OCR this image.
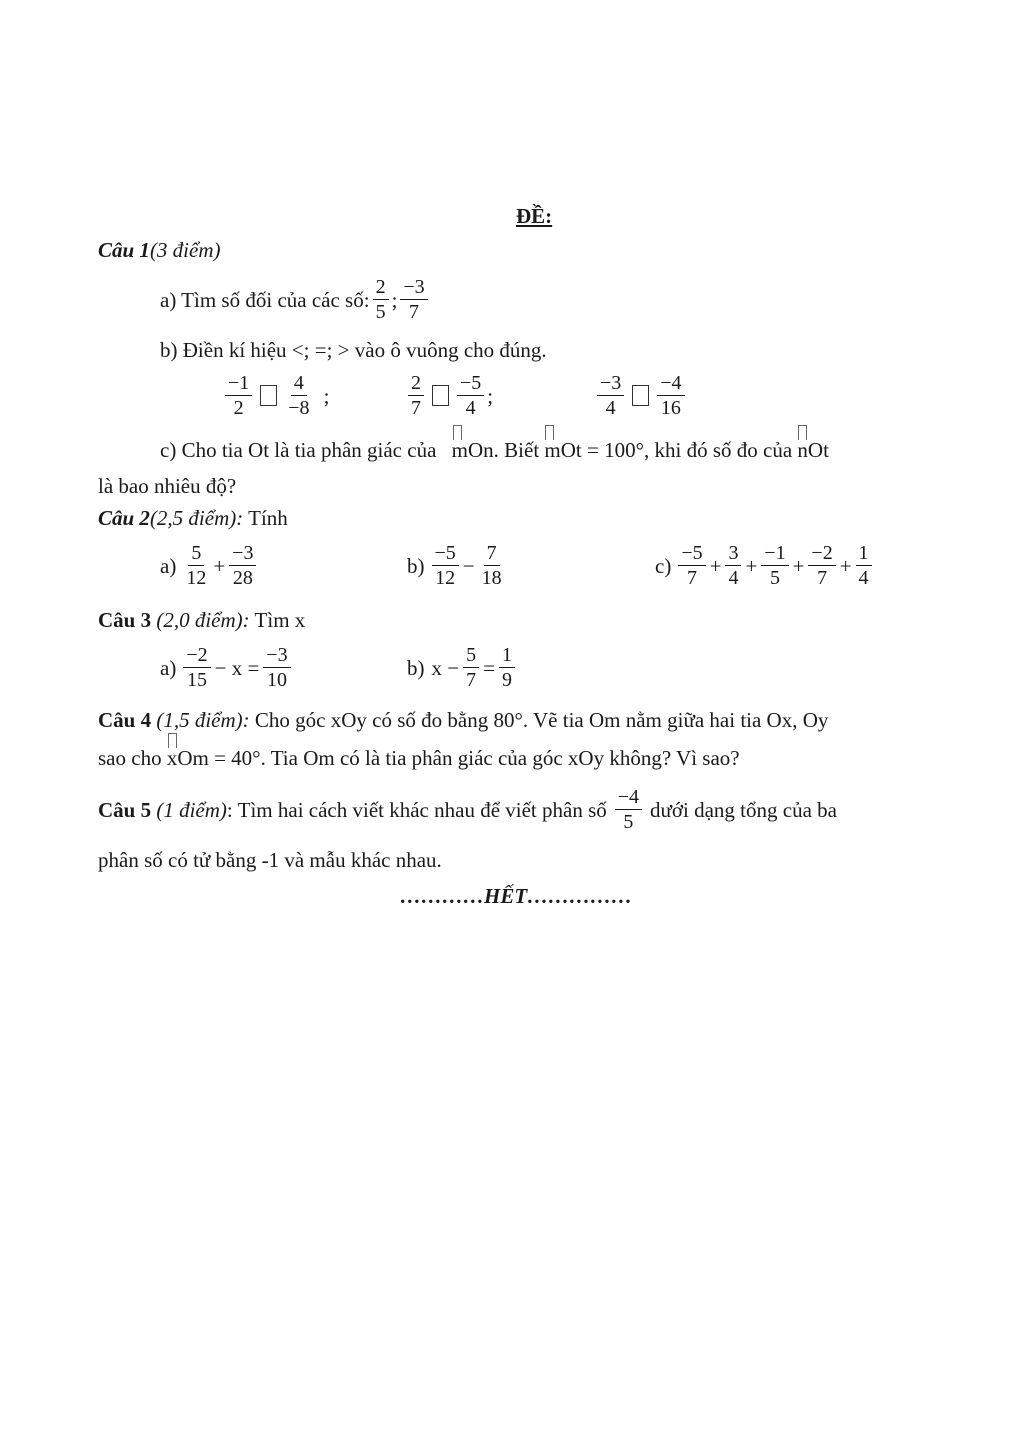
ĐỀ:
Câu 1(3 điểm)
a) Tìm số đối của các số: $\frac{2}{5}$ ; $\frac{-3}{7}$
b) Điền kí hiệu <; =; > vào ô vuông cho đúng.
$\frac{-1}{2} \frac{4}{-8}$ ;	$\frac{2}{7} \frac{-5}{4}$ ;	$\frac{-3}{4} \frac{-4}{16}$
c) Cho tia Ot là tia phân giác của mOn. Biết mOt = 100°, khi đó số đo của nOt
là bao nhiêu độ?
Câu 2(2,5 điểm): Tính
$a) \frac{5}{12} + \frac{-3}{28}$	$b) \frac{-5}{12} - \frac{7}{18}$	$c) \frac{-5}{7} + \frac{3}{4} + \frac{-1}{5} + \frac{-2}{7} + \frac{1}{4}$
Câu 3 (2,0 điểm): Tìm x
$a) \frac{-2}{15} - x = \frac{-3}{10}$	b) $x - \frac{5}{7} = \frac{1}{9}$
Câu 4 (1,5 điểm): Cho góc xOy có số đo bằng 80°. Vẽ tia Om nằm giữa hai tia Ox, Oy
sao cho xOm = 40°. Tia Om có là tia phân giác của góc xOy không? Vì sao?
Câu 5
(1 điểm) : Tìm hai cách viết khác nhau để viết phân số $\frac{-4}{5}$ dưới dạng tổng của ba
phân số có tử bằng -1 và mẫu khác nhau.
…………HẾT……………
